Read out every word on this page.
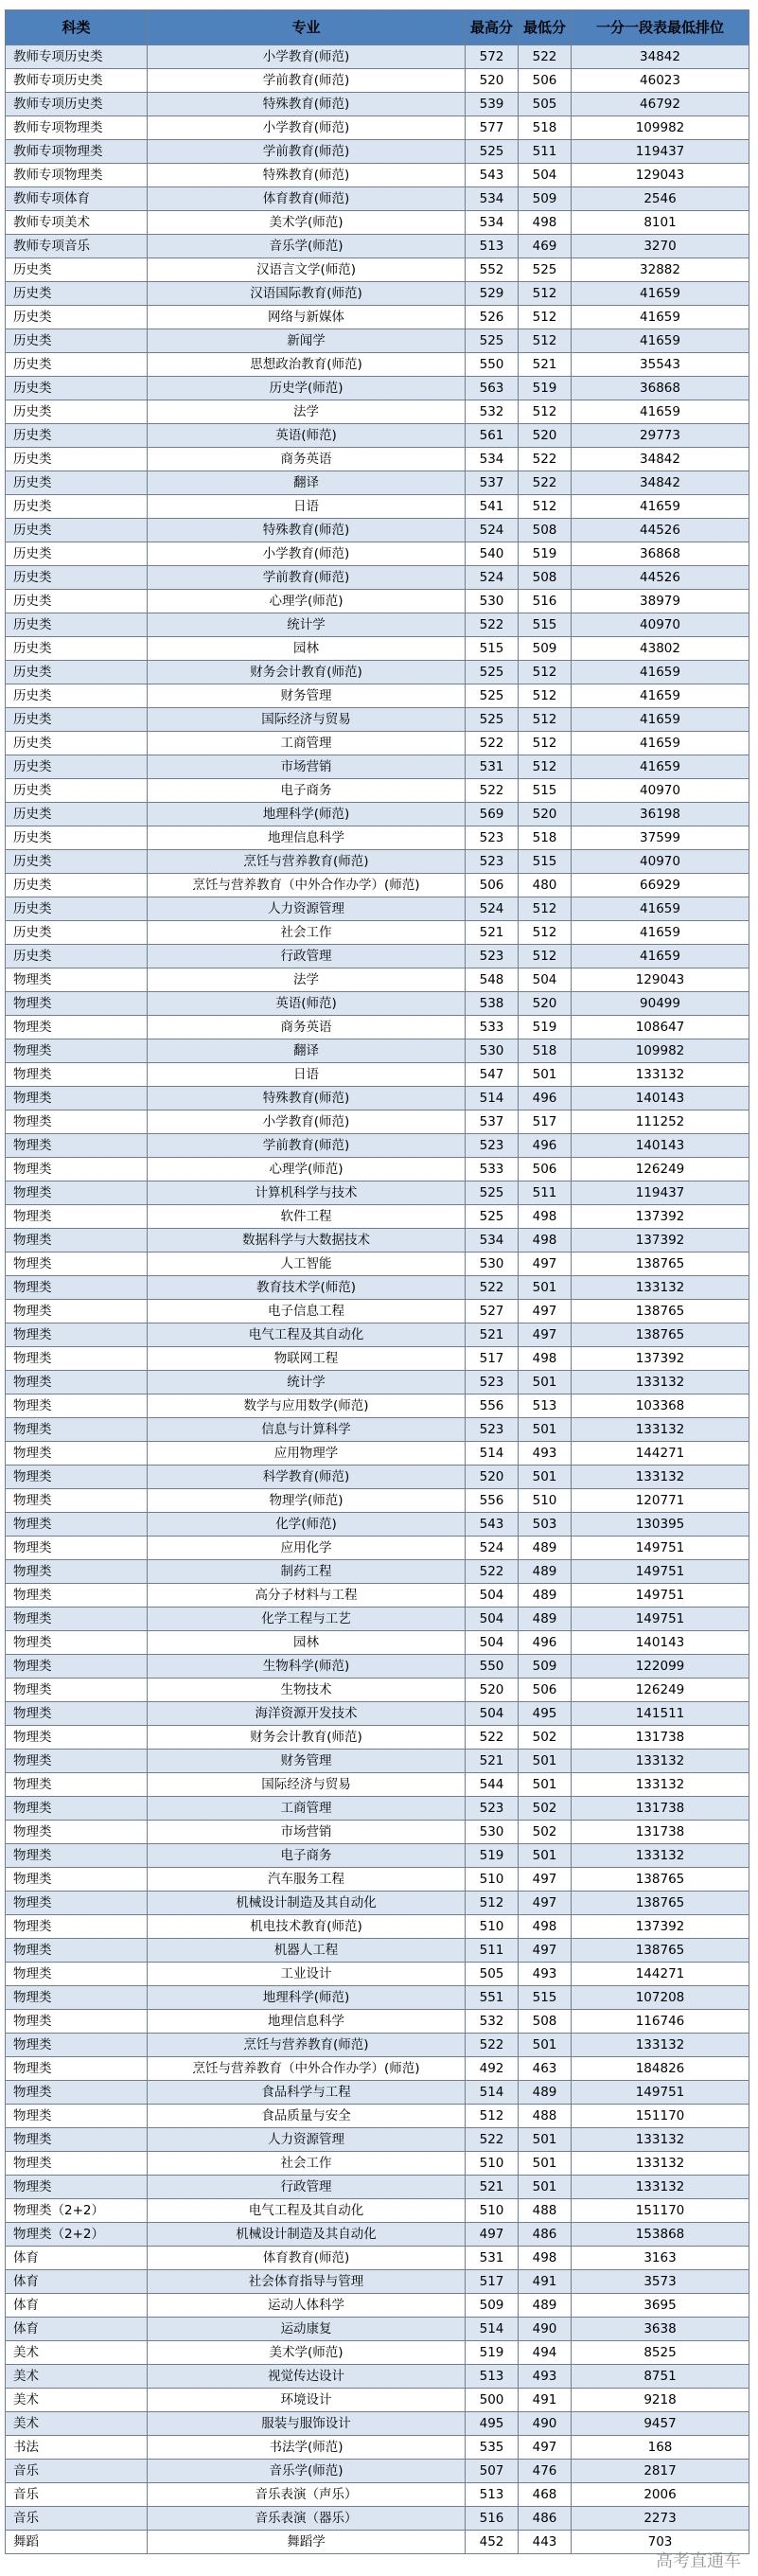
科类	专业	最高分	最低分	一分一段表最低排位
教师专项历史类	小学教育(师范)	572	522	34842
教师专项历史类	学前教育(师范)	520	506	46023
教师专项历史类	特殊教育(师范)	539	505	46792
教师专项物理类	小学教育(师范)	577	518	109982
教师专项物理类	学前教育(师范)	525	511	119437
教师专项物理类	特殊教育(师范)	543	504	129043
教师专项体育	体育教育(师范)	534	509	2546
教师专项美术	美术学(师范)	534	498	8101
教师专项音乐	音乐学(师范)	513	469	3270
历史类	汉语言文学(师范)	552	525	32882
历史类	汉语国际教育(师范)	529	512	41659
历史类	网络与新媒体	526	512	41659
历史类	新闻学	525	512	41659
历史类	思想政治教育(师范)	550	521	35543
历史类	历史学(师范)	563	519	36868
历史类	法学	532	512	41659
历史类	英语(师范)	561	520	29773
历史类	商务英语	534	522	34842
历史类	翻译	537	522	34842
历史类	日语	541	512	41659
历史类	特殊教育(师范)	524	508	44526
历史类	小学教育(师范)	540	519	36868
历史类	学前教育(师范)	524	508	44526
历史类	心理学(师范)	530	516	38979
历史类	统计学	522	515	40970
历史类	园林	515	509	43802
历史类	财务会计教育(师范)	525	512	41659
历史类	财务管理	525	512	41659
历史类	国际经济与贸易	525	512	41659
历史类	工商管理	522	512	41659
历史类	市场营销	531	512	41659
历史类	电子商务	522	515	40970
历史类	地理科学(师范)	569	520	36198
历史类	地理信息科学	523	518	37599
历史类	烹饪与营养教育(师范)	523	515	40970
历史类	烹饪与营养教育（中外合作办学）(师范)	506	480	66929
历史类	人力资源管理	524	512	41659
历史类	社会工作	521	512	41659
历史类	行政管理	523	512	41659
物理类	法学	548	504	129043
物理类	英语(师范)	538	520	90499
物理类	商务英语	533	519	108647
物理类	翻译	530	518	109982
物理类	日语	547	501	133132
物理类	特殊教育(师范)	514	496	140143
物理类	小学教育(师范)	537	517	111252
物理类	学前教育(师范)	523	496	140143
物理类	心理学(师范)	533	506	126249
物理类	计算机科学与技术	525	511	119437
物理类	软件工程	525	498	137392
物理类	数据科学与大数据技术	534	498	137392
物理类	人工智能	530	497	138765
物理类	教育技术学(师范)	522	501	133132
物理类	电子信息工程	527	497	138765
物理类	电气工程及其自动化	521	497	138765
物理类	物联网工程	517	498	137392
物理类	统计学	523	501	133132
物理类	数学与应用数学(师范)	556	513	103368
物理类	信息与计算科学	523	501	133132
物理类	应用物理学	514	493	144271
物理类	科学教育(师范)	520	501	133132
物理类	物理学(师范)	556	510	120771
物理类	化学(师范)	543	503	130395
物理类	应用化学	524	489	149751
物理类	制药工程	522	489	149751
物理类	高分子材料与工程	504	489	149751
物理类	化学工程与工艺	504	489	149751
物理类	园林	504	496	140143
物理类	生物科学(师范)	550	509	122099
物理类	生物技术	520	506	126249
物理类	海洋资源开发技术	504	495	141511
物理类	财务会计教育(师范)	522	502	131738
物理类	财务管理	521	501	133132
物理类	国际经济与贸易	544	501	133132
物理类	工商管理	523	502	131738
物理类	市场营销	530	502	131738
物理类	电子商务	519	501	133132
物理类	汽车服务工程	510	497	138765
物理类	机械设计制造及其自动化	512	497	138765
物理类	机电技术教育(师范)	510	498	137392
物理类	机器人工程	511	497	138765
物理类	工业设计	505	493	144271
物理类	地理科学(师范)	551	515	107208
物理类	地理信息科学	532	508	116746
物理类	烹饪与营养教育(师范)	522	501	133132
物理类	烹饪与营养教育（中外合作办学）(师范)	492	463	184826
物理类	食品科学与工程	514	489	149751
物理类	食品质量与安全	512	488	151170
物理类	人力资源管理	522	501	133132
物理类	社会工作	510	501	133132
物理类	行政管理	521	501	133132
物理类（2+2）	电气工程及其自动化	510	488	151170
物理类（2+2）	机械设计制造及其自动化	497	486	153868
体育	体育教育(师范)	531	498	3163
体育	社会体育指导与管理	517	491	3573
体育	运动人体科学	509	489	3695
体育	运动康复	514	490	3638
美术	美术学(师范)	519	494	8525
美术	视觉传达设计	513	493	8751
美术	环境设计	500	491	9218
美术	服装与服饰设计	495	490	9457
书法	书法学(师范)	535	497	168
音乐	音乐学(师范)	507	476	2817
音乐	音乐表演（声乐）	513	468	2006
音乐	音乐表演（器乐）	516	486	2273
舞蹈	舞蹈学	452	443	703
高考直通车
